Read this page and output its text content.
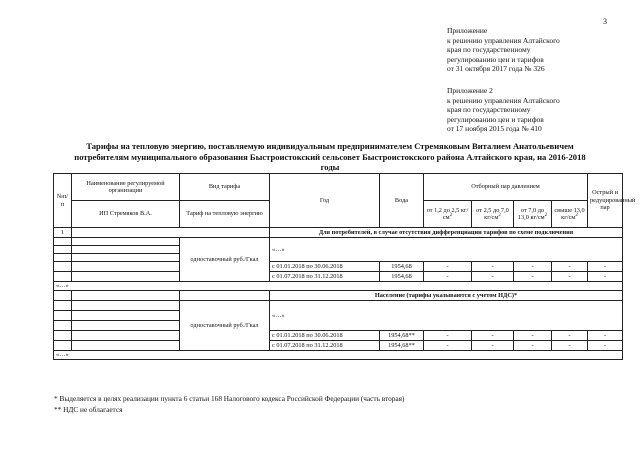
3
Приложение
к решению управления Алтайского
края по государственному
регулированию цен и тарифов
от 31 октября 2017 года № 326
Приложение 2
к решению управления Алтайского
края по государственному
регулированию цен и тарифов
от 17 ноября 2015 года № 410
Тарифы на тепловую энергию, поставляемую индивидуальным предпринимателем Стремяковым Виталием Анатольевичем
потребителям муниципального образования Быстроистокский сельсовет Быстроистокского района Алтайского края, на 2016-2018
годы
№п/п	Наименование регулируемой организации	Вид тарифа	Год	Вода	Отборный пар давлением				Острый и редуцированный пар
	ИП Стремяков В.А.	Тариф на тепловую энергию			от 1,2 до 2,5 $кг/см^2$	от 2,5 до 7,0 $кг/см^2$	от 7,0 до 13,0 $кг/см^2$	свыше 13,0 $кг/см^2$
1			Для потребителей, в случае отсутствия дифференциации тарифов по схеме подключения						
		одноставочный руб./Гкал	«…»						

			с 01.01.2018 по 30.06.2018	1954,68	-	-	-	-	-
			с 01.07.2018 по 31.12.2018	1954,68	-	-	-	-	-
«…»									
			Население (тарифы указываются с учетом НДС)*						
		одноставочный руб./Гкал	«…»						

			с 01.01.2018 по 30.06.2018	1954,68**	-	-	-	-	-
			с 01.07.2018 по 31.12.2018	1954,68**	-	-	-	-	-
«…»									
* Выделяется в целях реализации пункта 6 статьи 168 Налогового кодекса Российской Федерации (часть вторая)
** НДС не облагается
